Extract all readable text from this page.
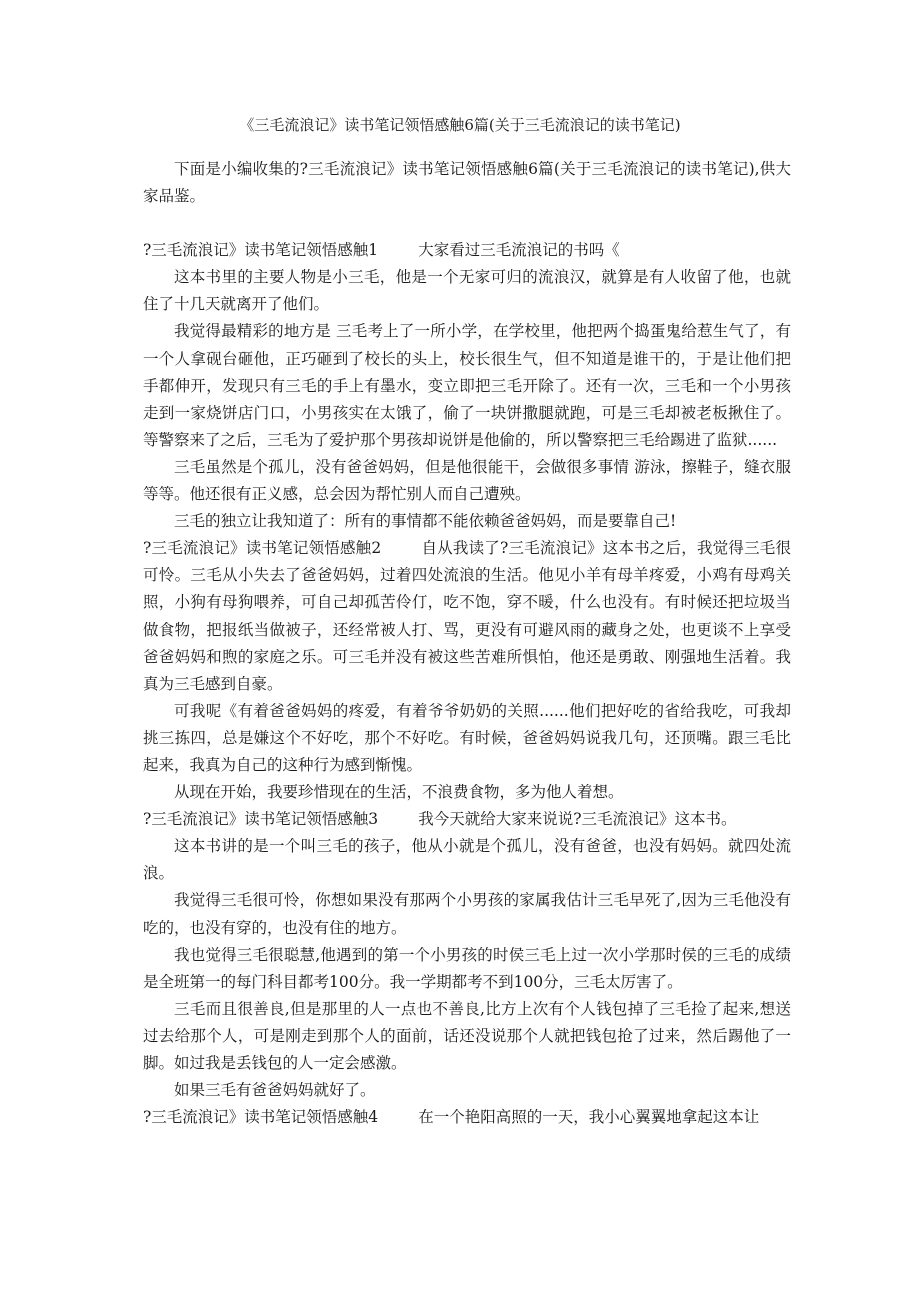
《三毛流浪记》读书笔记领悟感触6篇(关于三毛流浪记的读书笔记)

下面是小编收集的?三毛流浪记》读书笔记领悟感触6篇(关于三毛流浪记的读书笔记),供大家品鉴。

?三毛流浪记》读书笔记领悟感触1	大家看过三毛流浪记的书吗《

这本书里的主要人物是小三毛，他是一个无家可归的流浪汉，就算是有人收留了他，也就住了十几天就离开了他们。

我觉得最精彩的地方是 三毛考上了一所小学，在学校里，他把两个捣蛋鬼给惹生气了，有一个人拿砚台砸他，正巧砸到了校长的头上，校长很生气，但不知道是谁干的，于是让他们把手都伸开，发现只有三毛的手上有墨水，变立即把三毛开除了。还有一次，三毛和一个小男孩走到一家烧饼店门口，小男孩实在太饿了，偷了一块饼撒腿就跑，可是三毛却被老板揪住了。等警察来了之后，三毛为了爱护那个男孩却说饼是他偷的，所以警察把三毛给踢进了监狱......

三毛虽然是个孤儿，没有爸爸妈妈，但是他很能干，会做很多事情 游泳，擦鞋子，缝衣服等等。他还很有正义感，总会因为帮忙别人而自己遭殃。

三毛的独立让我知道了：所有的事情都不能依赖爸爸妈妈，而是要靠自己!

?三毛流浪记》读书笔记领悟感触2	自从我读了?三毛流浪记》这本书之后，我觉得三毛很可怜。三毛从小失去了爸爸妈妈，过着四处流浪的生活。他见小羊有母羊疼爱，小鸡有母鸡关照，小狗有母狗喂养，可自己却孤苦伶仃，吃不饱，穿不暖，什么也没有。有时候还把垃圾当做食物，把报纸当做被子，还经常被人打、骂，更没有可避风雨的藏身之处，也更谈不上享受爸爸妈妈和煦的家庭之乐。可三毛并没有被这些苦难所惧怕，他还是勇敢、刚强地生活着。我真为三毛感到自豪。

可我呢《有着爸爸妈妈的疼爱，有着爷爷奶奶的关照......他们把好吃的省给我吃，可我却挑三拣四，总是嫌这个不好吃，那个不好吃。有时候，爸爸妈妈说我几句，还顶嘴。跟三毛比起来，我真为自己的这种行为感到惭愧。

从现在开始，我要珍惜现在的生活，不浪费食物，多为他人着想。

?三毛流浪记》读书笔记领悟感触3	我今天就给大家来说说?三毛流浪记》这本书。

这本书讲的是一个叫三毛的孩子，他从小就是个孤儿，没有爸爸，也没有妈妈。就四处流浪。

我觉得三毛很可怜，你想如果没有那两个小男孩的家属我估计三毛早死了,因为三毛他没有吃的，也没有穿的，也没有住的地方。

我也觉得三毛很聪慧,他遇到的第一个小男孩的时侯三毛上过一次小学那时侯的三毛的成绩是全班第一的每门科目都考100分。我一学期都考不到100分，三毛太厉害了。

三毛而且很善良,但是那里的人一点也不善良,比方上次有个人钱包掉了三毛捡了起来,想送过去给那个人，可是刚走到那个人的面前，话还没说那个人就把钱包抢了过来，然后踢他了一脚。如过我是丢钱包的人一定会感激。

如果三毛有爸爸妈妈就好了。

?三毛流浪记》读书笔记领悟感触4	在一个艳阳高照的一天，我小心翼翼地拿起这本让
